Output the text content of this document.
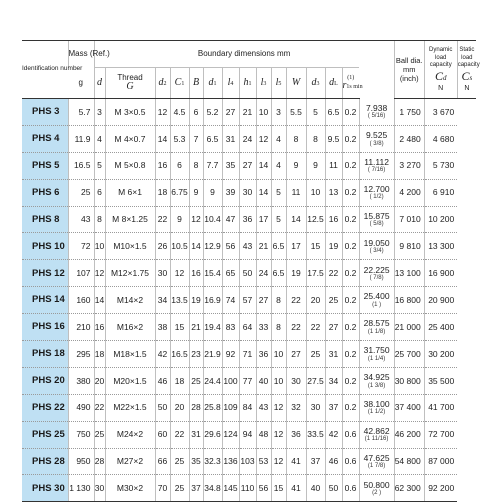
Identification number	Mass (Ref.)	Boundary dimensions mm															Ball dia. mm (inch)	Dynamic load capacity
Cd
N	Static load capacity
Cs
N

	g	d	Thread
G	d2	C1	B	d1	l4	h1	l3	l5	W	d3	dL	(1)
r1s min				
PHS 3	5.7	3	M 3×0.5	12	4.5	6	5.2	27	21	10	3	5.5	5	6.5	0.2	7.938
( 5/16)	1 750	3 670	
PHS 4	11.9	4	M 4×0.7	14	5.3	7	6.5	31	24	12	4	8	8	9.5	0.2	9.525
( 3/8)	2 480	4 680	
PHS 5	16.5	5	M 5×0.8	16	6	8	7.7	35	27	14	4	9	9	11	0.2	11.112
( 7/16)	3 270	5 730	
PHS 6	25	6	M 6×1	18	6.75	9	9	39	30	14	5	11	10	13	0.2	12.700
( 1/2)	4 200	6 910	
PHS 8	43	8	M 8×1.25	22	9	12	10.4	47	36	17	5	14	12.5	16	0.2	15.875
( 5/8)	7 010	10 200	
PHS 10	72	10	M10×1.5	26	10.5	14	12.9	56	43	21	6.5	17	15	19	0.2	19.050
( 3/4)	9 810	13 300	
PHS 12	107	12	M12×1.75	30	12	16	15.4	65	50	24	6.5	19	17.5	22	0.2	22.225
( 7/8)	13 100	16 900	
PHS 14	160	14	M14×2	34	13.5	19	16.9	74	57	27	8	22	20	25	0.2	25.400
(1 )	16 800	20 900	
PHS 16	210	16	M16×2	38	15	21	19.4	83	64	33	8	22	22	27	0.2	28.575
(1 1/8)	21 000	25 400	
PHS 18	295	18	M18×1.5	42	16.5	23	21.9	92	71	36	10	27	25	31	0.2	31.750
(1 1/4)	25 700	30 200	
PHS 20	380	20	M20×1.5	46	18	25	24.4	100	77	40	10	30	27.5	34	0.2	34.925
(1 3/8)	30 800	35 500	
PHS 22	490	22	M22×1.5	50	20	28	25.8	109	84	43	12	32	30	37	0.2	38.100
(1 1/2)	37 400	41 700	
PHS 25	750	25	M24×2	60	22	31	29.6	124	94	48	12	36	33.5	42	0.6	42.862
(1 11/16)	46 200	72 700	
PHS 28	950	28	M27×2	66	25	35	32.3	136	103	53	12	41	37	46	0.6	47.625
(1 7/8)	54 800	87 000	
PHS 30	1 130	30	M30×2	70	25	37	34.8	145	110	56	15	41	40	50	0.6	50.800
(2 )	62 300	92 200	
